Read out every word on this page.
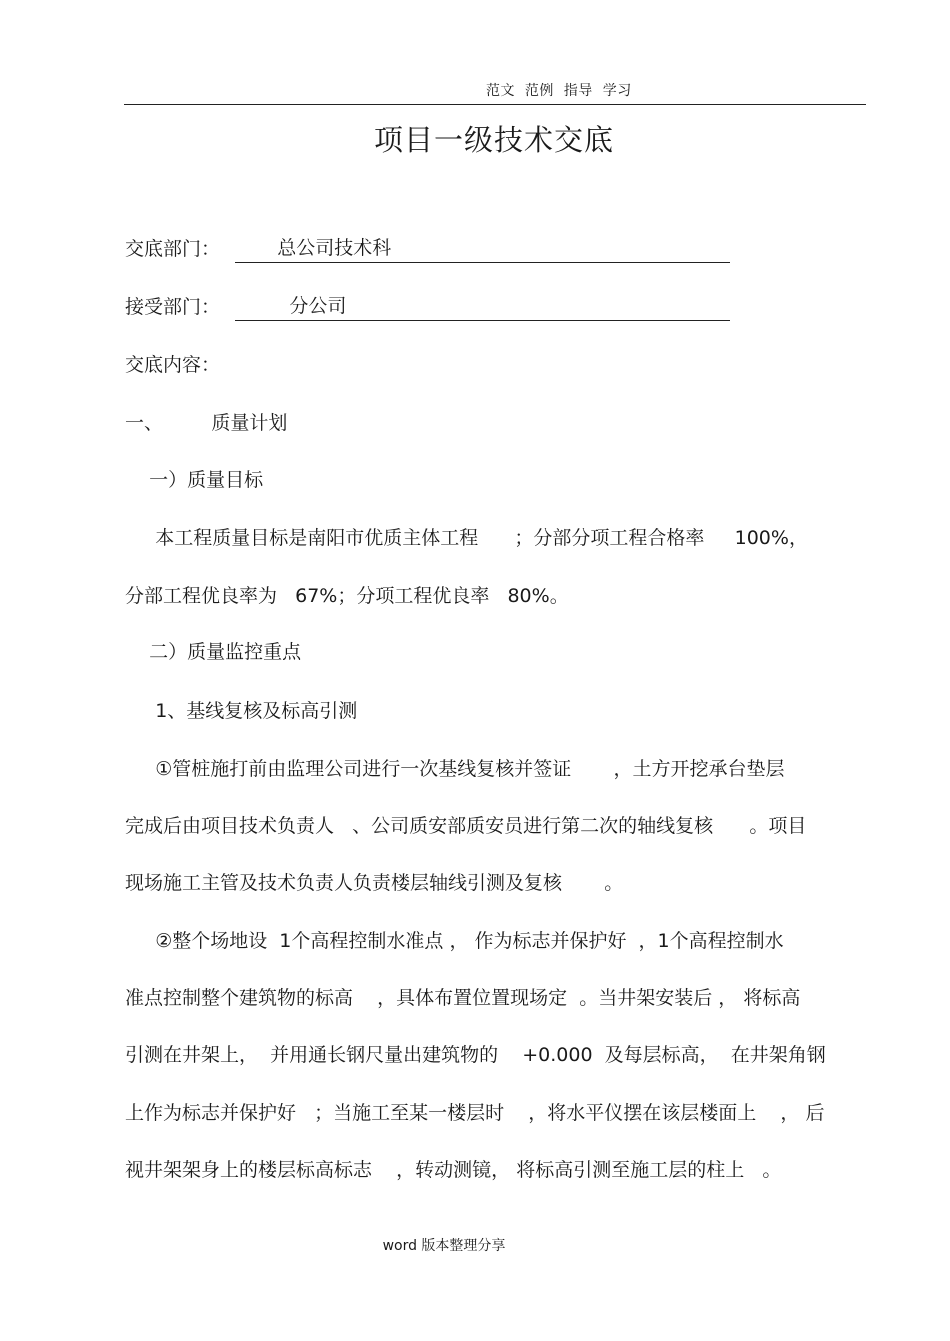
范文  范例  指导  学习
项目一级技术交底
交底部门： 总公司技术科
接受部门： 分公司
交底内容：
一、        质量计划
一）质量目标
本工程质量目标是南阳市优质主体工程      ；分部分项工程合格率     100%，
分部工程优良率为   67%；分项工程优良率   80%。
二）质量监控重点
1、基线复核及标高引测
①管桩施打前由监理公司进行一次基线复核并签证       ，土方开挖承台垫层
完成后由项目技术负责人   、公司质安部质安员进行第二次的轴线复核      。项目
现场施工主管及技术负责人负责楼层轴线引测及复核       。
②整个场地设  1个高程控制水准点 ， 作为标志并保护好  ，1个高程控制水
准点控制整个建筑物的标高    ，具体布置位置现场定  。当井架安装后 ， 将标高
引测在井架上，  并用通长钢尺量出建筑物的    +0.000  及每层标高，  在井架角钢
上作为标志并保护好   ；当施工至某一楼层时    ，将水平仪摆在该层楼面上    ， 后
视井架架身上的楼层标高标志    ，转动测镜， 将标高引测至施工层的柱上   。
word 版本整理分享
